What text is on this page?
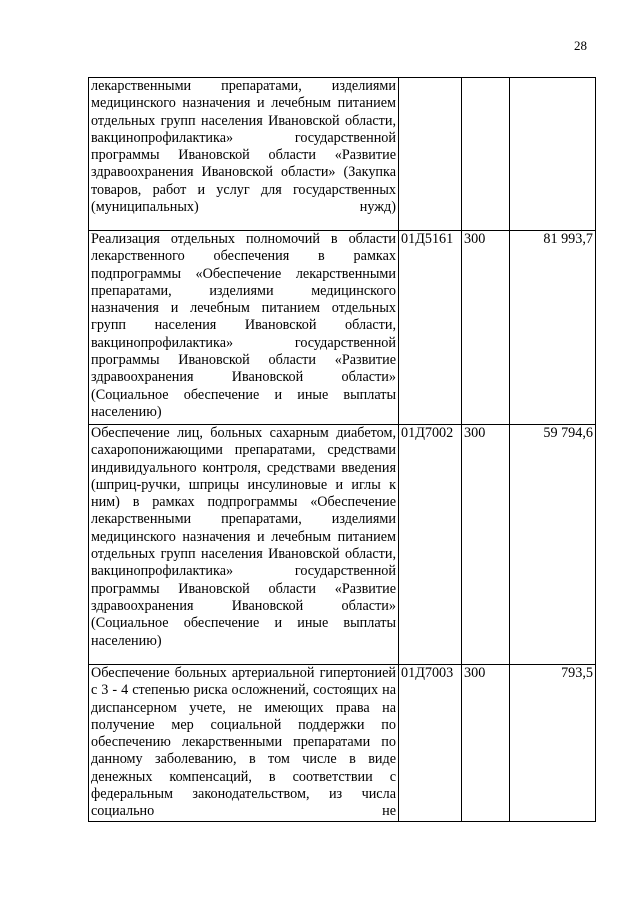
28
лекарственными препаратами, изделиями медицинского назначения и лечебным питанием отдельных групп населения Ивановской области, вакцинопрофилактика» государственной программы Ивановской области «Развитие здравоохранения Ивановской области» (Закупка товаров, работ и услуг для государственных (муниципальных) нужд)			
Реализация отдельных полномочий в области лекарственного обеспечения в рамках подпрограммы «Обеспечение лекарственными препаратами, изделиями медицинского назначения и лечебным питанием отдельных групп населения Ивановской области, вакцинопрофилактика» государственной программы Ивановской области «Развитие здравоохранения Ивановской области» (Социальное обеспечение и иные выплаты населению)	01Д5161	300	81 993,7
Обеспечение лиц, больных сахарным диабетом, сахаропонижающими препаратами, средствами индивидуального контроля, средствами введения (шприц-ручки, шприцы инсулиновые и иглы к ним) в рамках подпрограммы «Обеспечение лекарственными препаратами, изделиями медицинского назначения и лечебным питанием отдельных групп населения Ивановской области, вакцинопрофилактика» государственной программы Ивановской области «Развитие здравоохранения Ивановской области» (Социальное обеспечение и иные выплаты населению)	01Д7002	300	59 794,6
Обеспечение больных артериальной гипертонией с 3 - 4 степенью риска осложнений, состоящих на диспансерном учете, не имеющих права на получение мер социальной поддержки по обеспечению лекарственными препаратами по данному заболеванию, в том числе в виде денежных компенсаций, в соответствии с федеральным законодательством, из числа социально не	01Д7003	300	793,5
